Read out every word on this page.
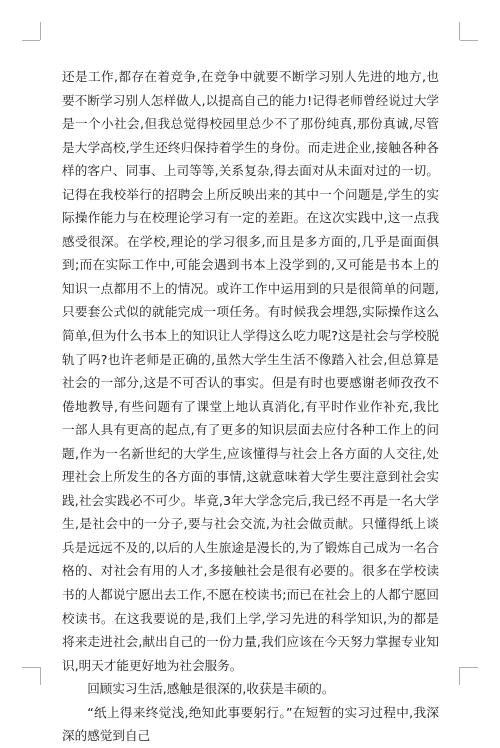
还是工作,都存在着竞争,在竞争中就要不断学习别人先进的地方,也要不断学习别人怎样做人,以提高自己的能力!记得老师曾经说过大学是一个小社会,但我总觉得校园里总少不了那份纯真,那份真诚,尽管是大学高校,学生还终归保持着学生的身份。而走进企业,接触各种各样的客户、同事、上司等等,关系复杂,得去面对从未面对过的一切。记得在我校举行的招聘会上所反映出来的其中一个问题是,学生的实际操作能力与在校理论学习有一定的差距。在这次实践中,这一点我感受很深。在学校,理论的学习很多,而且是多方面的,几乎是面面俱到;而在实际工作中,可能会遇到书本上没学到的,又可能是书本上的知识一点都用不上的情况。或许工作中运用到的只是很简单的问题,只要套公式似的就能完成一项任务。有时候我会埋怨,实际操作这么简单,但为什么书本上的知识让人学得这么吃力呢?这是社会与学校脱轨了吗?也许老师是正确的,虽然大学生生活不像踏入社会,但总算是社会的一部分,这是不可否认的事实。但是有时也要感谢老师孜孜不倦地教导,有些问题有了课堂上地认真消化,有平时作业作补充,我比一部人具有更高的起点,有了更多的知识层面去应付各种工作上的问题,作为一名新世纪的大学生,应该懂得与社会上各方面的人交往,处理社会上所发生的各方面的事情,这就意味着大学生要注意到社会实践,社会实践必不可少。毕竟,3年大学念完后,我已经不再是一名大学生,是社会中的一分子,要与社会交流,为社会做贡献。只懂得纸上谈兵是远远不及的,以后的人生旅途是漫长的,为了锻炼自己成为一名合格的、对社会有用的人才,多接触社会是很有必要的。很多在学校读书的人都说宁愿出去工作,不愿在校读书;而已在社会上的人都宁愿回校读书。在这我要说的是,我们上学,学习先进的科学知识,为的都是将来走进社会,献出自己的一份力量,我们应该在今天努力掌握专业知识,明天才能更好地为社会服务。

回顾实习生活,感触是很深的,收获是丰硕的。

“纸上得来终觉浅,绝知此事要躬行。”在短暂的实习过程中,我深深的感觉到自己
